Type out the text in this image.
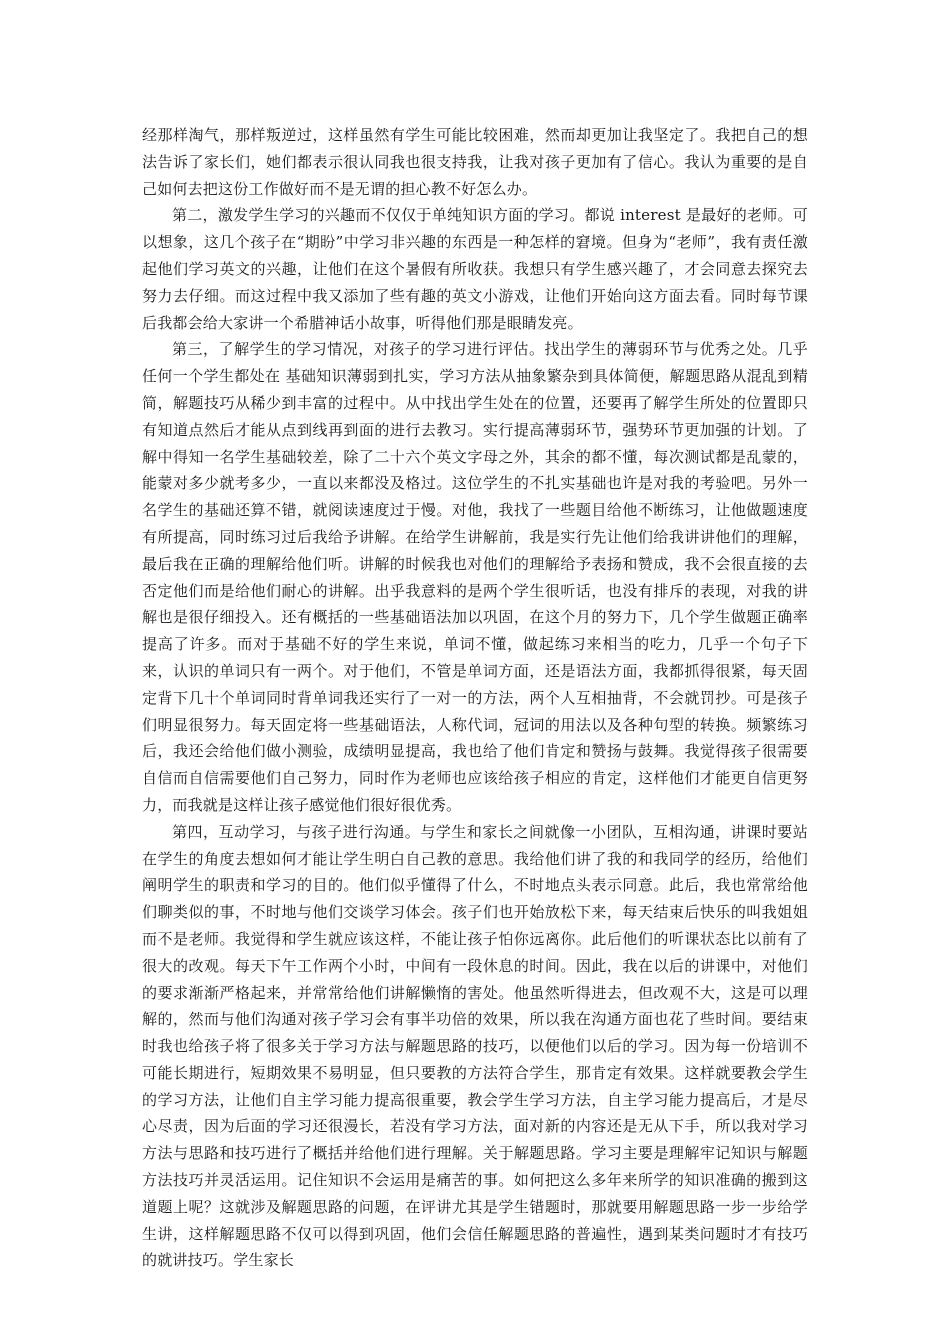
经那样淘气，那样叛逆过，这样虽然有学生可能比较困难，然而却更加让我坚定了。我把自己的想法告诉了家长们，她们都表示很认同我也很支持我，让我对孩子更加有了信心。我认为重要的是自己如何去把这份工作做好而不是无谓的担心教不好怎么办。

第二，激发学生学习的兴趣而不仅仅于单纯知识方面的学习。都说 interest 是最好的老师。可以想象，这几个孩子在“期盼”中学习非兴趣的东西是一种怎样的窘境。但身为“老师”，我有责任激起他们学习英文的兴趣，让他们在这个暑假有所收获。我想只有学生感兴趣了，才会同意去探究去努力去仔细。而这过程中我又添加了些有趣的英文小游戏，让他们开始向这方面去看。同时每节课后我都会给大家讲一个希腊神话小故事，听得他们那是眼睛发亮。

第三，了解学生的学习情况，对孩子的学习进行评估。找出学生的薄弱环节与优秀之处。几乎任何一个学生都处在 基础知识薄弱到扎实，学习方法从抽象繁杂到具体简便，解题思路从混乱到精简，解题技巧从稀少到丰富的过程中。从中找出学生处在的位置，还要再了解学生所处的位置即只有知道点然后才能从点到线再到面的进行去教习。实行提高薄弱环节，强势环节更加强的计划。了解中得知一名学生基础较差，除了二十六个英文字母之外，其余的都不懂，每次测试都是乱蒙的，能蒙对多少就考多少，一直以来都没及格过。这位学生的不扎实基础也许是对我的考验吧。另外一名学生的基础还算不错，就阅读速度过于慢。对他，我找了一些题目给他不断练习，让他做题速度有所提高，同时练习过后我给予讲解。在给学生讲解前，我是实行先让他们给我讲讲他们的理解，最后我在正确的理解给他们听。讲解的时候我也对他们的理解给予表扬和赞成，我不会很直接的去否定他们而是给他们耐心的讲解。出乎我意料的是两个学生很听话，也没有排斥的表现，对我的讲解也是很仔细投入。还有概括的一些基础语法加以巩固，在这个月的努力下，几个学生做题正确率提高了许多。而对于基础不好的学生来说，单词不懂，做起练习来相当的吃力，几乎一个句子下来，认识的单词只有一两个。对于他们，不管是单词方面，还是语法方面，我都抓得很紧，每天固定背下几十个单词同时背单词我还实行了一对一的方法，两个人互相抽背，不会就罚抄。可是孩子们明显很努力。每天固定将一些基础语法，人称代词，冠词的用法以及各种句型的转换。频繁练习后，我还会给他们做小测验，成绩明显提高，我也给了他们肯定和赞扬与鼓舞。我觉得孩子很需要自信而自信需要他们自己努力，同时作为老师也应该给孩子相应的肯定，这样他们才能更自信更努力，而我就是这样让孩子感觉他们很好很优秀。

第四，互动学习，与孩子进行沟通。与学生和家长之间就像一小团队，互相沟通，讲课时要站在学生的角度去想如何才能让学生明白自己教的意思。我给他们讲了我的和我同学的经历，给他们阐明学生的职责和学习的目的。他们似乎懂得了什么，不时地点头表示同意。此后，我也常常给他们聊类似的事，不时地与他们交谈学习体会。孩子们也开始放松下来，每天结束后快乐的叫我姐姐而不是老师。我觉得和学生就应该这样，不能让孩子怕你远离你。此后他们的听课状态比以前有了很大的改观。每天下午工作两个小时，中间有一段休息的时间。因此，我在以后的讲课中，对他们的要求渐渐严格起来，并常常给他们讲解懒惰的害处。他虽然听得进去，但改观不大，这是可以理解的，然而与他们沟通对孩子学习会有事半功倍的效果，所以我在沟通方面也花了些时间。要结束时我也给孩子将了很多关于学习方法与解题思路的技巧，以便他们以后的学习。因为每一份培训不可能长期进行，短期效果不易明显，但只要教的方法符合学生，那肯定有效果。这样就要教会学生的学习方法，让他们自主学习能力提高很重要，教会学生学习方法，自主学习能力提高后，才是尽心尽责，因为后面的学习还很漫长，若没有学习方法，面对新的内容还是无从下手，所以我对学习方法与思路和技巧进行了概括并给他们进行理解。关于解题思路。学习主要是理解牢记知识与解题方法技巧并灵活运用。记住知识不会运用是痛苦的事。如何把这么多年来所学的知识准确的搬到这道题上呢？这就涉及解题思路的问题，在评讲尤其是学生错题时，那就要用解题思路一步一步给学生讲，这样解题思路不仅可以得到巩固，他们会信任解题思路的普遍性，遇到某类问题时才有技巧的就讲技巧。学生家长
